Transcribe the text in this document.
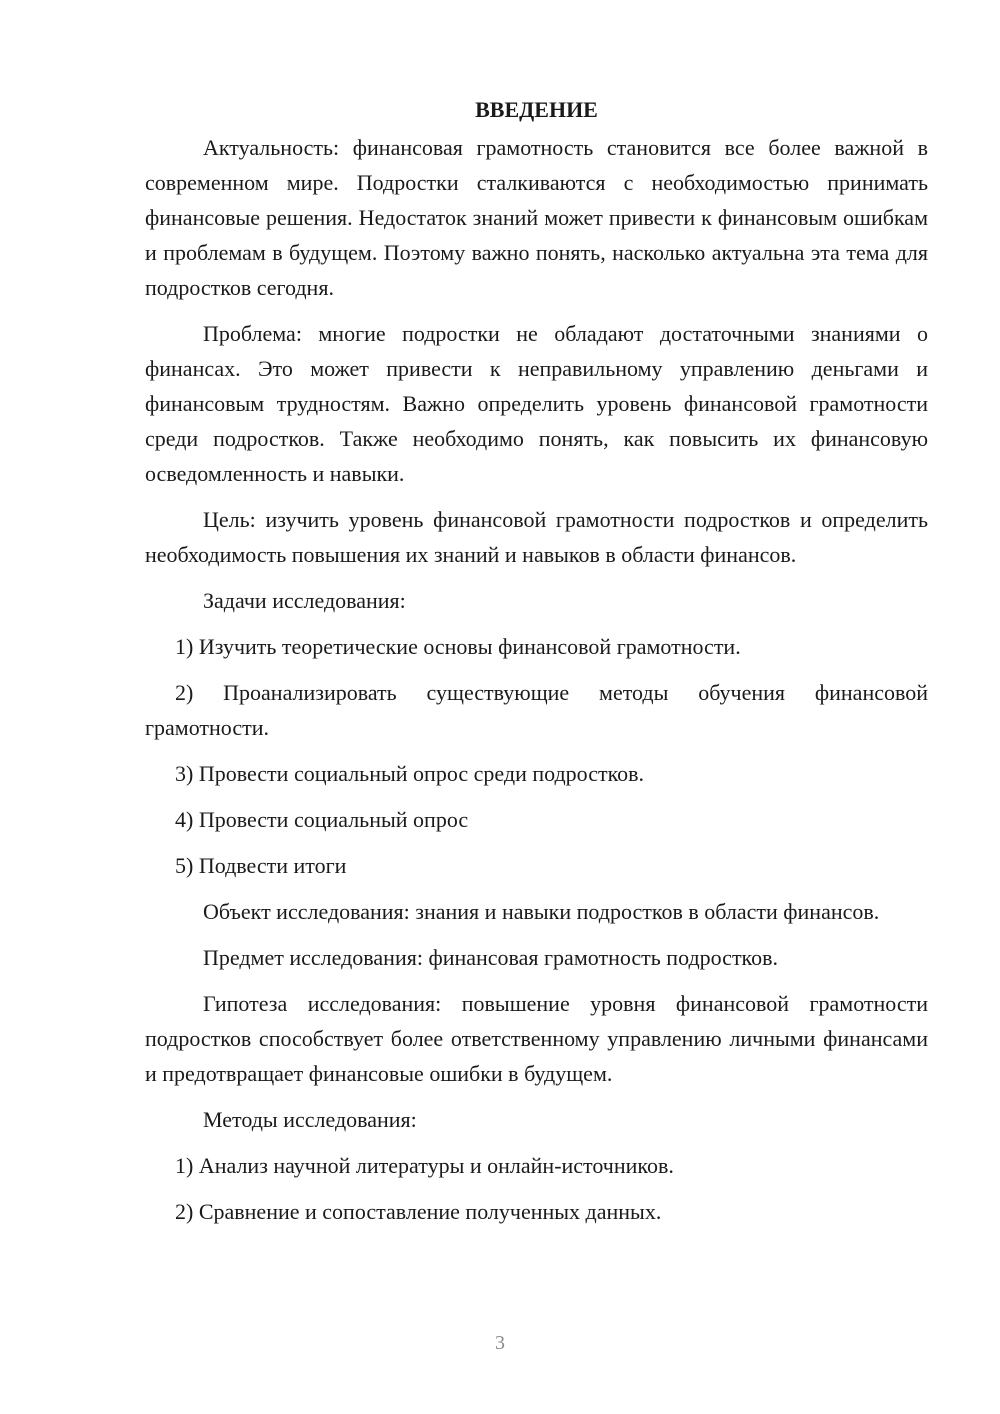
ВВЕДЕНИЕ

Актуальность: финансовая грамотность становится все более важной в современном мире. Подростки сталкиваются с необходимостью принимать финансовые решения. Недостаток знаний может привести к финансовым ошибкам и проблемам в будущем. Поэтому важно понять, насколько актуальна эта тема для подростков сегодня.

Проблема: многие подростки не обладают достаточными знаниями о финансах. Это может привести к неправильному управлению деньгами и финансовым трудностям. Важно определить уровень финансовой грамотности среди подростков. Также необходимо понять, как повысить их финансовую осведомленность и навыки.

Цель: изучить уровень финансовой грамотности подростков и определить необходимость повышения их знаний и навыков в области финансов.

Задачи исследования:

1) Изучить теоретические основы финансовой грамотности.

2) Проанализировать существующие методы обучения финансовой грамотности.

3) Провести социальный опрос среди подростков.

4) Провести социальный опрос

5) Подвести итоги

Объект исследования: знания и навыки подростков в области финансов.

Предмет исследования: финансовая грамотность подростков.

Гипотеза исследования: повышение уровня финансовой грамотности подростков способствует более ответственному управлению личными финансами и предотвращает финансовые ошибки в будущем.

Методы исследования:

1) Анализ научной литературы и онлайн-источников.

2) Сравнение и сопоставление полученных данных.

3
